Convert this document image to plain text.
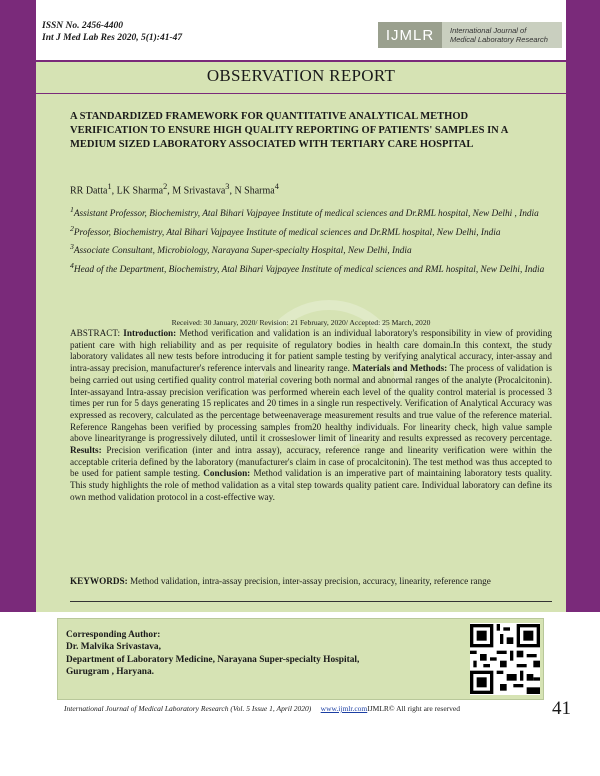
ISSN No. 2456-4400
Int J Med Lab Res 2020, 5(1):41-47	IJMLR	International Journal of
Medical Laboratory Research
OBSERVATION REPORT
A STANDARDIZED FRAMEWORK FOR QUANTITATIVE ANALYTICAL METHOD VERIFICATION TO ENSURE HIGH QUALITY REPORTING OF PATIENTS' SAMPLES IN A MEDIUM SIZED LABORATORY ASSOCIATED WITH TERTIARY CARE HOSPITAL
RR Datta$^1$, LK Sharma$^2$, M Srivastava$^3$, N Sharma$^4$
$^1$Assistant Professor, Biochemistry, Atal Bihari Vajpayee Institute of medical sciences and Dr.RML hospital, New Delhi , India
$^2$Professor, Biochemistry, Atal Bihari Vajpayee Institute of medical sciences and Dr.RML hospital, New Delhi, India
$^3$Associate Consultant, Microbiology, Narayana Super-specialty Hospital, New Delhi, India
$^4$Head of the Department, Biochemistry, Atal Bihari Vajpayee Institute of medical sciences and RML hospital, New Delhi, India
Received: 30 January, 2020/ Revision: 21 February, 2020/ Accepted: 25 March, 2020
ABSTRACT: Introduction: Method verification and validation is an individual laboratory's responsibility in view of providing patient care with high reliability and as per requisite of regulatory bodies in health care domain.In this context, the study laboratory validates all new tests before introducing it for patient sample testing by verifying analytical accuracy, inter-assay and intra-assay precision, manufacturer's reference intervals and linearity range. Materials and Methods: The process of validation is being carried out using certified quality control material covering both normal and abnormal ranges of the analyte (Procalcitonin). Inter-assayand Intra-assay precision verification was performed wherein each level of the quality control material is processed 3 times per run for 5 days generating 15 replicates and 20 times in a single run respectively. Verification of Analytical Accuracy was expressed as recovery, calculated as the percentage betweenaverage measurement results and true value of the reference material. Reference Rangehas been verified by processing samples from20 healthy individuals. For linearity check, high value sample above linearityrange is progressively diluted, until it crosseslower limit of linearity and results expressed as recovery percentage. Results: Precision verification (inter and intra assay), accuracy, reference range and linearity verification were within the acceptable criteria defined by the laboratory (manufacturer's claim in case of procalcitonin). The test method was thus accepted to be used for patient sample testing. Conclusion: Method validation is an imperative part of maintaining laboratory tests quality. This study highlights the role of method validation as a vital step towards quality patient care. Individual laboratory can define its own method validation protocol in a cost-effective way.
KEYWORDS: Method validation, intra-assay precision, inter-assay precision, accuracy, linearity, reference range
Corresponding Author:
Dr. Malvika Srivastava,
Department of Laboratory Medicine, Narayana Super-specialty Hospital,
Gurugram , Haryana.
International Journal of Medical Laboratory Research (Vol. 5 Issue 1, April 2020) www.ijmlr.comIJMLR© All right are reserved	41
